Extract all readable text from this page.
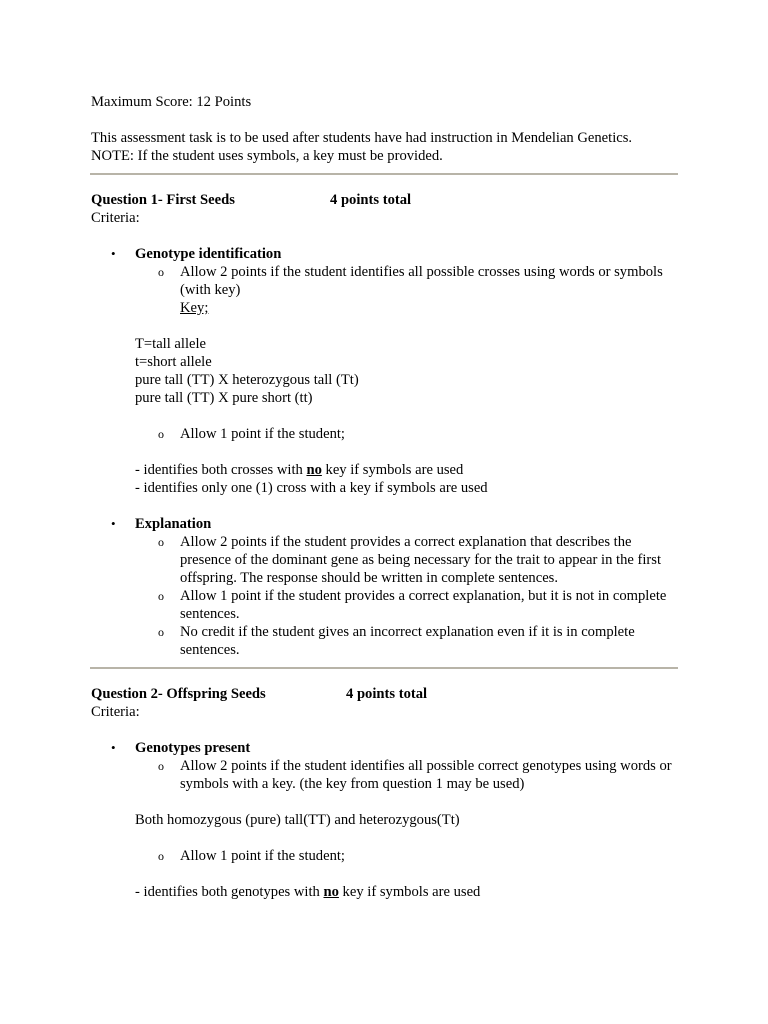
Maximum Score: 12 Points

This assessment task is to be used after students have had instruction in Mendelian Genetics.

NOTE: If the student uses symbols, a key must be provided.

Question 1- First Seeds	4 points total

Criteria:

• Genotype identification
o Allow 2 points if the student identifies all possible crosses using words or symbols (with key)
Key;

T=tall allele

t=short allele

pure tall (TT) X heterozygous tall (Tt)

pure tall (TT) X pure short (tt)

o Allow 1 point if the student;

- identifies both crosses with no key if symbols are used

- identifies only one (1) cross with a key if symbols are used

• Explanation
o Allow 2 points if the student provides a correct explanation that describes the presence of the dominant gene as being necessary for the trait to appear in the first offspring. The response should be written in complete sentences.
o Allow 1 point if the student provides a correct explanation, but it is not in complete sentences.
o No credit if the student gives an incorrect explanation even if it is in complete sentences.
Question 2- Offspring Seeds	4 points total

Criteria:

• Genotypes present
o Allow 2 points if the student identifies all possible correct genotypes using words or symbols with a key. (the key from question 1 may be used)

Both homozygous (pure) tall(TT) and heterozygous(Tt)

o Allow 1 point if the student;

- identifies both genotypes with no key if symbols are used
